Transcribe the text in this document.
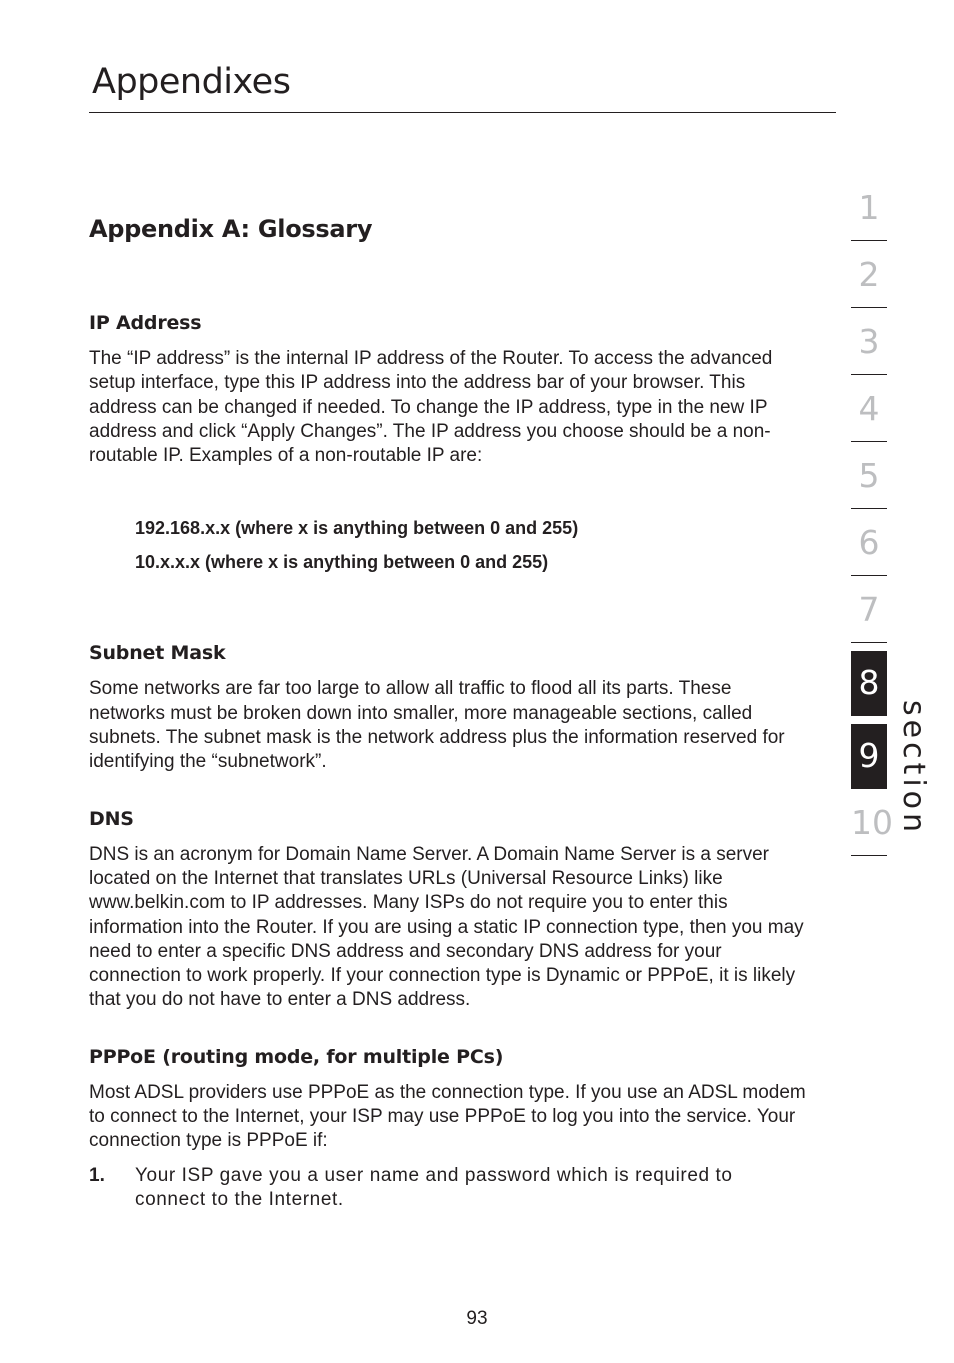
Appendixes
Appendix A: Glossary
IP Address

The “IP address” is the internal IP address of the Router. To access the advanced setup interface, type this IP address into the address bar of your browser. This address can be changed if needed. To change the IP address, type in the new IP address and click “Apply Changes”. The IP address you choose should be a non-routable IP. Examples of a non-routable IP are:

192.168.x.x (where x is anything between 0 and 255)

10.x.x.x (where x is anything between 0 and 255)

Subnet Mask

Some networks are far too large to allow all traffic to flood all its parts. These networks must be broken down into smaller, more manageable sections, called subnets. The subnet mask is the network address plus the information reserved for identifying the “subnetwork”.

DNS

DNS is an acronym for Domain Name Server. A Domain Name Server is a server located on the Internet that translates URLs (Universal Resource Links) like www.belkin.com to IP addresses. Many ISPs do not require you to enter this information into the Router. If you are using a static IP connection type, then you may need to enter a specific DNS address and secondary DNS address for your connection to work properly. If your connection type is Dynamic or PPPoE, it is likely that you do not have to enter a DNS address.

PPPoE (routing mode, for multiple PCs)

Most ADSL providers use PPPoE as the connection type. If you use an ADSL modem to connect to the Internet, your ISP may use PPPoE to log you into the service. Your connection type is PPPoE if:

1.	Your ISP gave you a user name and password which is required to connect to the Internet.
93
1
2
3
4
5
6
7
8
9
10 section
